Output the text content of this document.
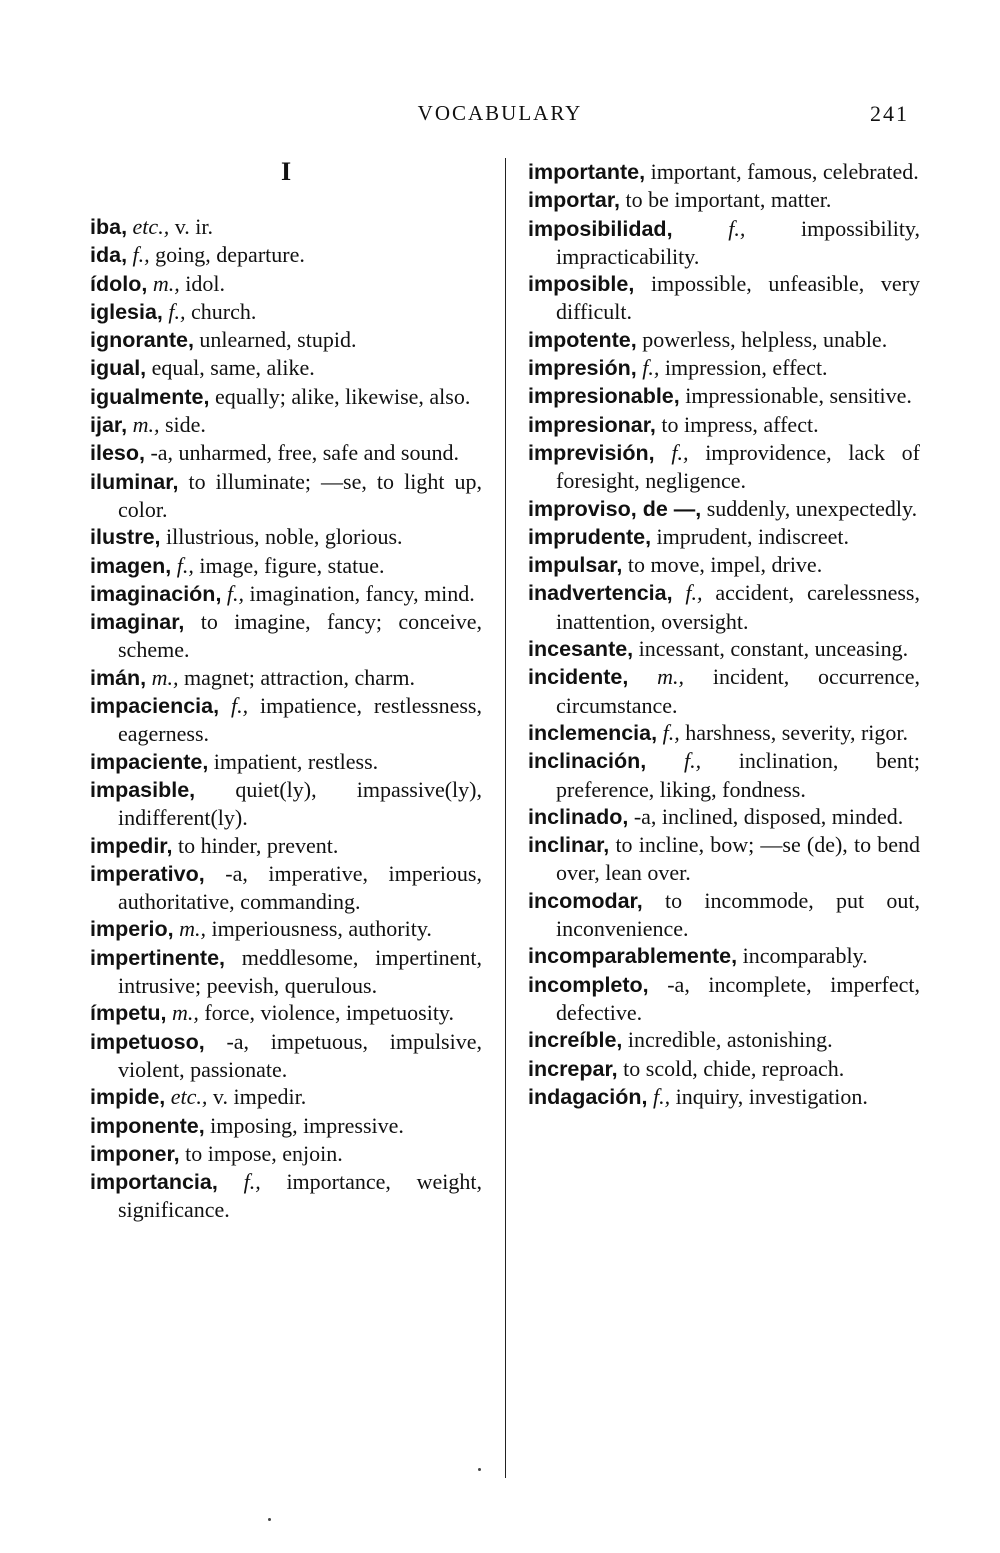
VOCABULARY	241
I

iba, etc., v. ir.

ida, f., going, departure.

ídolo, m., idol.

iglesia, f., church.

ignorante, unlearned, stupid.

igual, equal, same, alike.

igualmente, equally; alike, likewise, also.

ijar, m., side.

ileso, -a, unharmed, free, safe and sound.

iluminar, to illuminate; —se, to light up, color.

ilustre, illustrious, noble, glorious.

imagen, f., image, figure, statue.

imaginación, f., imagination, fancy, mind.

imaginar, to imagine, fancy; conceive, scheme.

imán, m., magnet; attraction, charm.

impaciencia, f., impatience, restlessness, eagerness.

impaciente, impatient, restless.

impasible, quiet(ly), impassive(ly), indifferent(ly).

impedir, to hinder, prevent.

imperativo, -a, imperative, imperious, authoritative, commanding.

imperio, m., imperiousness, authority.

impertinente, meddlesome, impertinent, intrusive; peevish, querulous.

ímpetu, m., force, violence, impetuosity.

impetuoso, -a, impetuous, impulsive, violent, passionate.

impide, etc., v. impedir.

imponente, imposing, impressive.

imponer, to impose, enjoin.

importancia, f., importance, weight, significance.

importante, important, famous, celebrated.

importar, to be important, matter.

imposibilidad,	f.,	impossibility, impracticability.

imposible, impossible, unfeasible, very difficult.

impotente, powerless, helpless, unable.

impresión, f., impression, effect.

impresionable, impressionable, sensitive.

impresionar, to impress, affect.

imprevisión, f., improvidence, lack of foresight, negligence.

improviso, de —, suddenly, unexpectedly.

imprudente, imprudent, indiscreet.

impulsar, to move, impel, drive.

inadvertencia, f., accident, carelessness, inattention, oversight.

incesante, incessant, constant, unceasing.

incidente, m., incident, occurrence, circumstance.

inclemencia, f., harshness, severity, rigor.

inclinación, f., inclination, bent; preference, liking, fondness.

inclinado, -a, inclined, disposed, minded.

inclinar, to incline, bow; —se (de), to bend over, lean over.

incomodar, to incommode, put out, inconvenience.

incomparablemente, incomparably.

incompleto, -a, incomplete, imperfect, defective.

increíble, incredible, astonishing.

increpar, to scold, chide, reproach.

indagación, f., inquiry, investigation.
